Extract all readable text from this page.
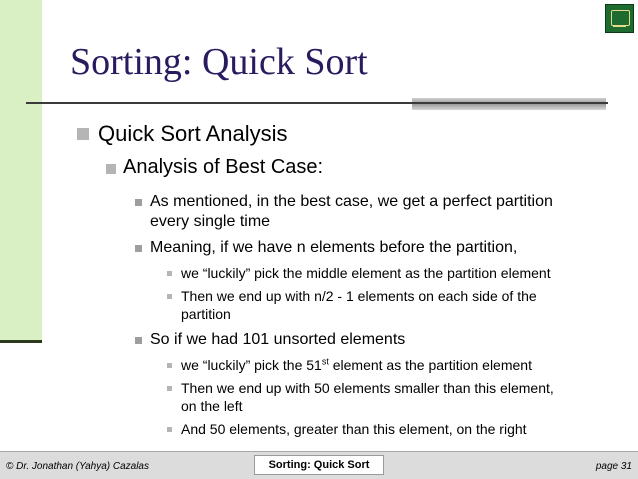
Sorting: Quick Sort
Quick Sort Analysis
Analysis of Best Case:
As mentioned, in the best case, we get a perfect partition
every single time
Meaning, if we have n elements before the partition,
we “luckily” pick the middle element as the partition element
Then we end up with n/2 - 1 elements on each side of the
partition
So if we had 101 unsorted elements
we “luckily” pick the 51st element as the partition element
Then we end up with 50 elements smaller than this element,
on the left
And 50 elements, greater than this element, on the right
© Dr. Jonathan (Yahya) Cazalas	Sorting: Quick Sort	page 31
